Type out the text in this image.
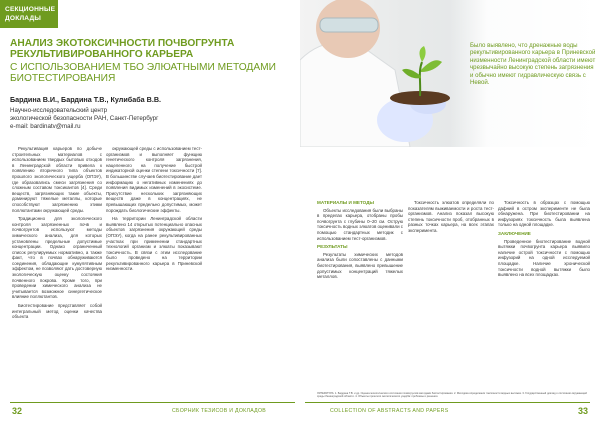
СЕКЦИОННЫЕ
ДОКЛАДЫ
АНАЛИЗ ЭКОТОКСИЧНОСТИ ПОЧВОГРУНТА РЕКУЛЬТИВИРОВАННОГО КАРЬЕРА
С ИСПОЛЬЗОВАНИЕМ ТБО ЭЛЮАТНЫМИ МЕТОДАМИ БИОТЕСТИРОВАНИЯ
Бардина В.И., Бардина Т.В., Кулибаба В.В.
Научно-исследовательский центр
экологической безопасности РАН, Санкт-Петербург
e-mail: bardinatv@mail.ru
Было выявлено, что дренажные воды рекультивированного карьера в Приневской низменности Ленинградской области имеют чрезвычайно высокую степень загрязнения и обычно имеют гидравлическую связь с Невой.

Рекультивация карьеров по добыче строительных материалов с использованием твердых бытовых отходов в Ленинградской области привела к появлению вторичного типа объектов прошлого экологического ущерба (ОПЭУ), где образовались смеси загрязнения со сложным составом токсикантов [4]. Среди веществ, загрязняющих такие объекты, доминируют тяжелые металлы, которые способствуют загрязнению этими поллютантами окружающей среды.

Традиционно для экологического контроля загрязненных почв и почвогрунтов используют методы химического анализа, для которых установлены предельные допустимые концентрации. Однако ограниченный список регулируемых нормативно, а также факт, что в почвах обнаруживаются соединения, обладающие кумулятивным эффектом, не позволяют дать достоверную экологическую оценку состояния почвенного покрова. Кроме того, при проведении химического анализа не учитывается возможное синергетическое влияние поллютантов.

Биотестирование представляет собой интегральный метод оценки качества объекта

окружающей среды с использованием тест-организмов и выполняет функцию генетического контроля загрязнения, нацеленного на получение быстрой индикаторной оценки степени токсичности [7]. В большинстве случаев биотестирование дает информацию о негативных изменениях до появления видимых изменений в экосистеме. Присутствие нескольких загрязняющих веществ даже в концентрациях, не превышающих предельно допустимых, может порождать биологические эффекты.

На территории Ленинградской области выявлено 14 открытых потенциально опасных объектов загрязнения окружающей среды (ОПЭУ), когда на ранее рекультивированных участках при применении стандартных технологий организм и элюаты показывают токсичность. В связи с этим исследование было проведено на территории рекультивированного карьера в Приневской низменности.

МАТЕРИАЛЫ И МЕТОДЫ

Объекты исследования были выбраны в пределах карьера, отобраны пробы почвогрунта с глубины 0–20 см. Острую токсичность водных элюатов оценивали с помощью стандартных методик с использованием тест-организмов.

РЕЗУЛЬТАТЫ

Результаты химических методов анализа были сопоставлены с данными биотестирования, выявлено превышение допустимых концентраций тяжелых металлов.

Токсичность элюатов определяли по показателям выживаемости и роста тест-организмов. Анализ показал высокую степень токсичности проб, отобранных в разных точках карьера, на всех этапах эксперимента.

Токсичность в образцах с помощью дафний в остром эксперименте не была обнаружена. При биотестировании на инфузориях токсичность была выявлена только на одной площадке.

ЗАКЛЮЧЕНИЕ

Проведенное биотестирование водной вытяжки почвогрунта карьера выявило наличие острой токсичности с помощью инфузорий на одной исследуемой площадке. Наличие хронической токсичности водной вытяжки было выявлено на всех площадках.

ЛИТЕРАТУРА: 1. Бардина Т.В. и др. Оценка экологического состояния почвогрунтов методами биотестирования. 2. Методика определения токсичности водных вытяжек. 3. Государственный доклад о состоянии окружающей среды Ленинградской области. 4. Объекты прошлого экологического ущерба: проблемы и решения.
32	СБОРНИК ТЕЗИСОВ И ДОКЛАДОВ	COLLECTION OF ABSTRACTS AND PAPERS	33
